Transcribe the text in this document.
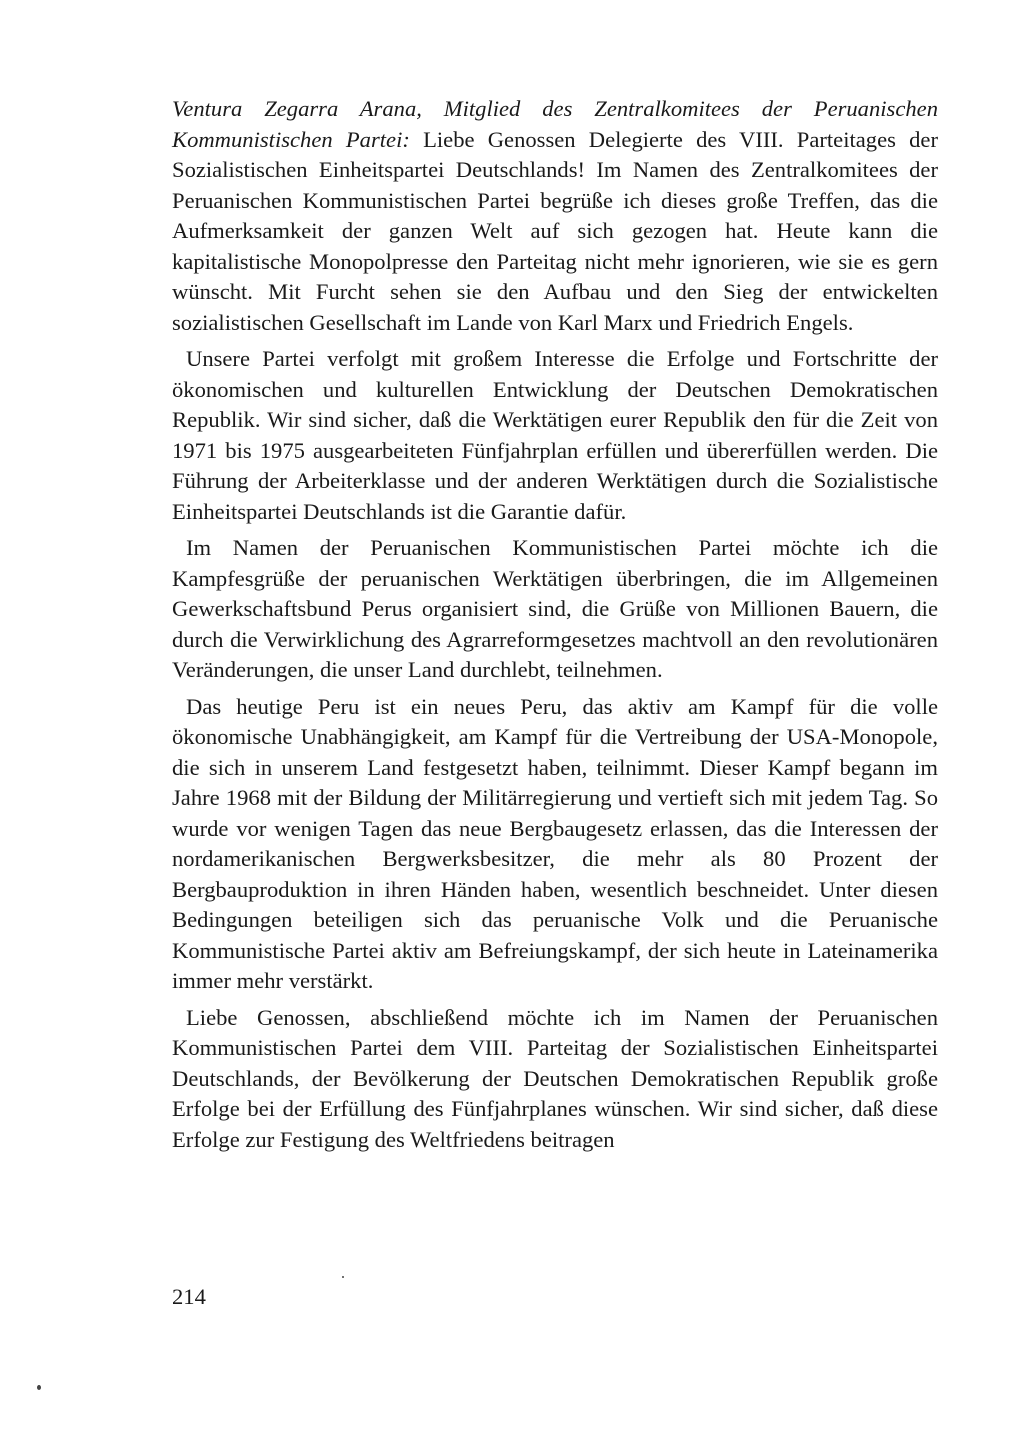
Ventura Zegarra Arana, Mitglied des Zentralkomitees der Peruanischen Kommunistischen Partei: Liebe Genossen Delegierte des VIII. Parteitages der Sozialistischen Einheitspartei Deutschlands! Im Namen des Zentralkomitees der Peruanischen Kommunistischen Partei begrüße ich dieses große Treffen, das die Aufmerksamkeit der ganzen Welt auf sich gezogen hat. Heute kann die kapitalistische Monopolpresse den Parteitag nicht mehr ignorieren, wie sie es gern wünscht. Mit Furcht sehen sie den Aufbau und den Sieg der entwickelten sozialistischen Gesellschaft im Lande von Karl Marx und Friedrich Engels.

Unsere Partei verfolgt mit großem Interesse die Erfolge und Fortschritte der ökonomischen und kulturellen Entwicklung der Deutschen Demokratischen Republik. Wir sind sicher, daß die Werktätigen eurer Republik den für die Zeit von 1971 bis 1975 ausgearbeiteten Fünfjahrplan erfüllen und übererfüllen werden. Die Führung der Arbeiterklasse und der anderen Werktätigen durch die Sozialistische Einheitspartei Deutschlands ist die Garantie dafür.

Im Namen der Peruanischen Kommunistischen Partei möchte ich die Kampfesgrüße der peruanischen Werktätigen überbringen, die im Allgemeinen Gewerkschaftsbund Perus organisiert sind, die Grüße von Millionen Bauern, die durch die Verwirklichung des Agrarreformgesetzes machtvoll an den revolutionären Veränderungen, die unser Land durchlebt, teilnehmen.

Das heutige Peru ist ein neues Peru, das aktiv am Kampf für die volle ökonomische Unabhängigkeit, am Kampf für die Vertreibung der USA-Monopole, die sich in unserem Land festgesetzt haben, teilnimmt. Dieser Kampf begann im Jahre 1968 mit der Bildung der Militärregierung und vertieft sich mit jedem Tag. So wurde vor wenigen Tagen das neue Bergbaugesetz erlassen, das die Interessen der nordamerikanischen Bergwerksbesitzer, die mehr als 80 Prozent der Bergbauproduktion in ihren Händen haben, wesentlich beschneidet. Unter diesen Bedingungen beteiligen sich das peruanische Volk und die Peruanische Kommunistische Partei aktiv am Befreiungskampf, der sich heute in Lateinamerika immer mehr verstärkt.

Liebe Genossen, abschließend möchte ich im Namen der Peruanischen Kommunistischen Partei dem VIII. Parteitag der Sozialistischen Einheitspartei Deutschlands, der Bevölkerung der Deutschen Demokratischen Republik große Erfolge bei der Erfüllung des Fünfjahrplanes wünschen. Wir sind sicher, daß diese Erfolge zur Festigung des Weltfriedens beitragen

214
